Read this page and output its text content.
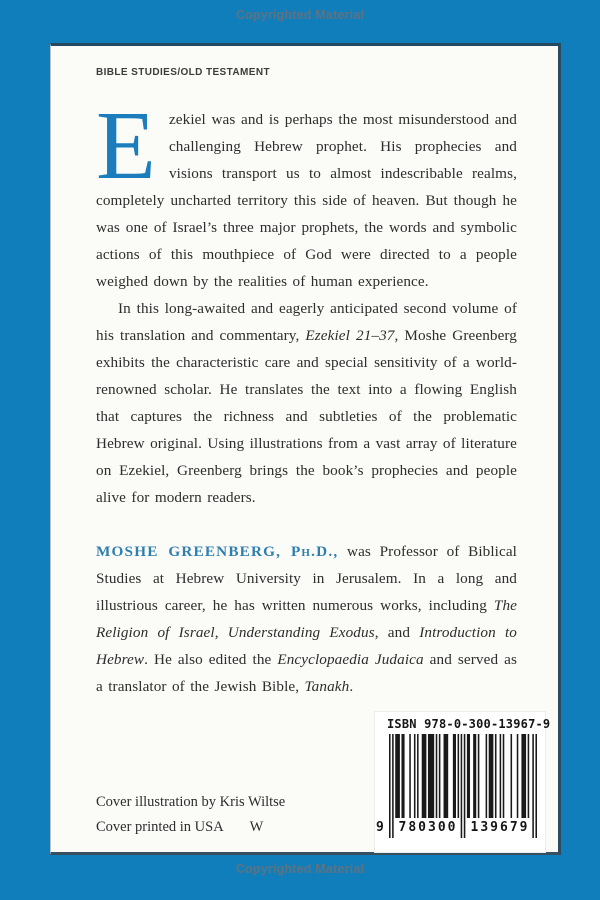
Copyrighted Material
BIBLE STUDIES/OLD TESTAMENT

Ezekiel was and is perhaps the most misunderstood and challenging Hebrew prophet. His prophecies and visions transport us to almost indescribable realms, completely uncharted territory this side of heaven. But though he was one of Israel’s three major prophets, the words and symbolic actions of this mouthpiece of God were directed to a people weighed down by the realities of human experience.

In this long-awaited and eagerly anticipated second volume of his translation and commentary, Ezekiel 21–37, Moshe Greenberg exhibits the characteristic care and special sensitivity of a world-renowned scholar. He translates the text into a flowing English that captures the richness and subtleties of the problematic Hebrew original. Using illustrations from a vast array of literature on Ezekiel, Greenberg brings the book’s prophecies and people alive for modern readers.

MOSHE GREENBERG, Ph.D., was Professor of Biblical Studies at Hebrew University in Jerusalem. In a long and illustrious career, he has written numerous works, including The Religion of Israel, Understanding Exodus, and Introduction to Hebrew. He also edited the Encyclopaedia Judaica and served as a translator of the Jewish Bible, Tanakh.

Cover illustration by Kris Wiltse
Cover printed in USA W
ISBN 978-0-300-13967-9
9 780300 139679
Copyrighted Material
